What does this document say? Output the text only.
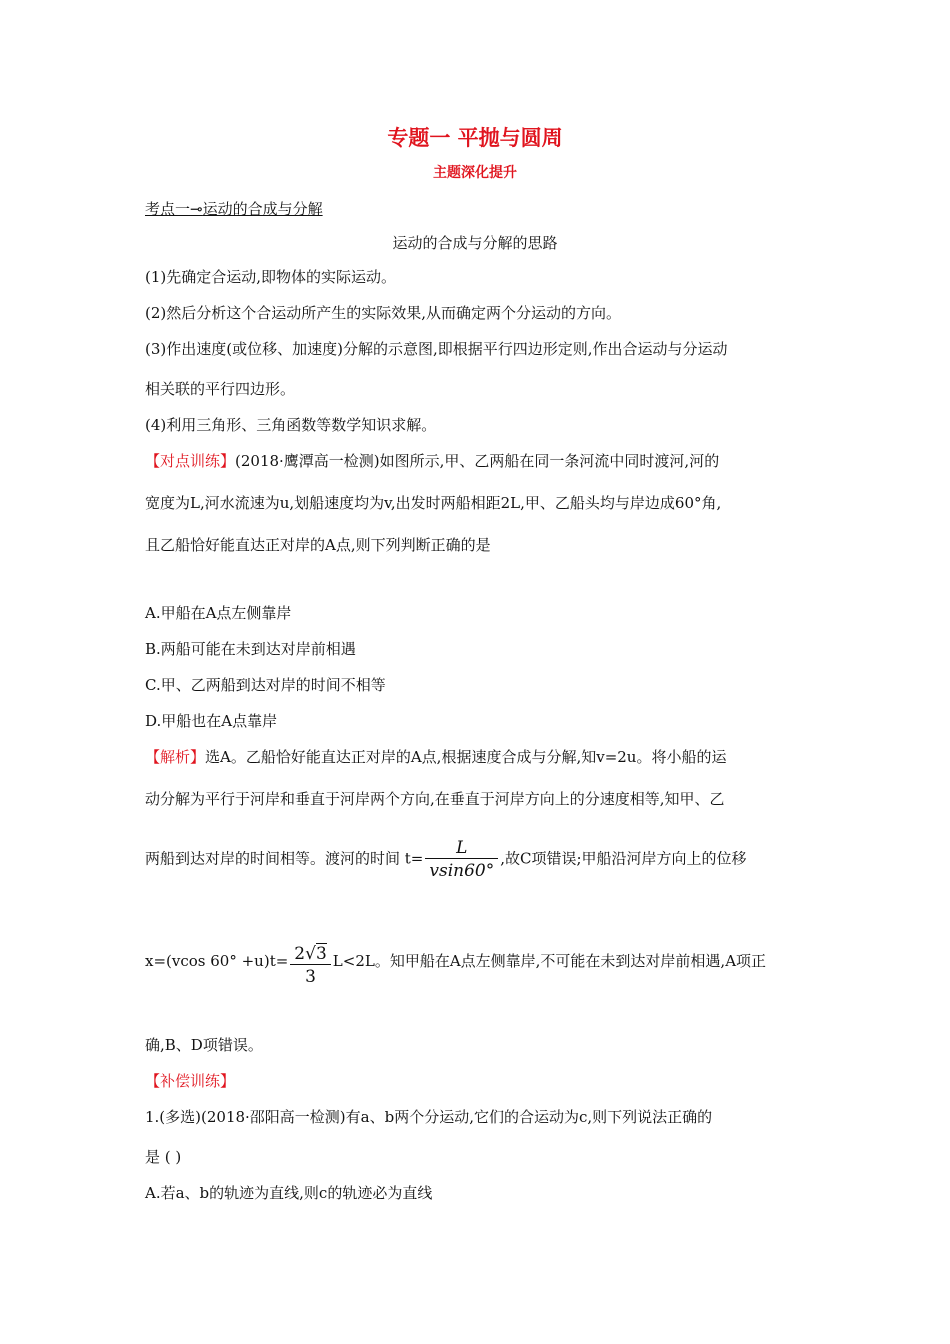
专题一 平抛与圆周
主题深化提升
考点一⊸运动的合成与分解
运动的合成与分解的思路
(1)先确定合运动,即物体的实际运动。
(2)然后分析这个合运动所产生的实际效果,从而确定两个分运动的方向。
(3)作出速度(或位移、加速度)分解的示意图,即根据平行四边形定则,作出合运动与分运动
相关联的平行四边形。
(4)利用三角形、三角函数等数学知识求解。
【对点训练】(2018·鹰潭高一检测)如图所示,甲、乙两船在同一条河流中同时渡河,河的
宽度为L,河水流速为u,划船速度均为v,出发时两船相距2L,甲、乙船头均与岸边成60°角,
且乙船恰好能直达正对岸的A点,则下列判断正确的是
A.甲船在A点左侧靠岸
B.两船可能在未到达对岸前相遇
C.甲、乙两船到达对岸的时间不相等
D.甲船也在A点靠岸
【解析】选A。乙船恰好能直达正对岸的A点,根据速度合成与分解,知v=2u。将小船的运
动分解为平行于河岸和垂直于河岸两个方向,在垂直于河岸方向上的分速度相等,知甲、乙
两船到达对岸的时间相等。渡河的时间 $t= \frac{L}{vsin60^\circ}$ ,故C项错误;甲船沿河岸方向上的位移
x=(vcos $60^\circ +u)t= \frac{2√3}{3} L<2L$。知甲船在A点左侧靠岸,不可能在未到达对岸前相遇,A项正
确,B、D项错误。
【补偿训练】
1.(多选)(2018·邵阳高一检测)有a、b两个分运动,它们的合运动为c,则下列说法正确的
是 ( )
A.若a、b的轨迹为直线,则c的轨迹必为直线
